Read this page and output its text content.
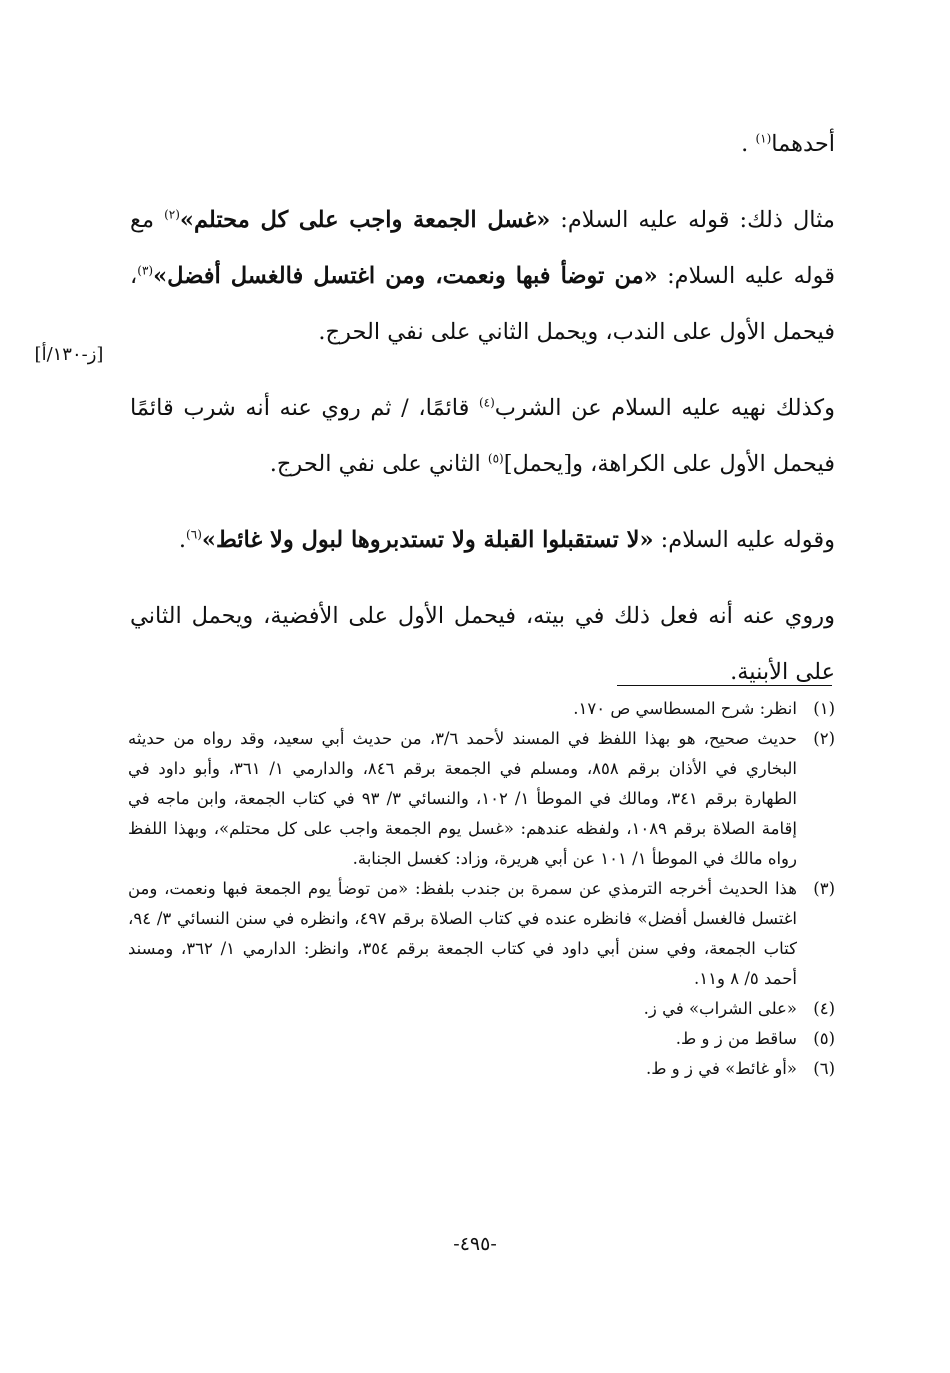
أحدهما$^{(١)}$ .

مثال ذلك: قوله عليه السلام: «غسل الجمعة واجب على كل محتلم»$^{(٢)}$ مع قوله عليه السلام: «من توضأ فبها ونعمت، ومن اغتسل فالغسل أفضل»$^{(٣)}$، فيحمل الأول على الندب، ويحمل الثاني على نفي الحرج.

وكذلك نهيه عليه السلام عن الشرب$^{(٤)}$ قائمًا، / ثم روي عنه أنه شرب قائمًا فيحمل الأول على الكراهة، و[يحمل]$^{(٥)}$ الثاني على نفي الحرج.

وقوله عليه السلام: «لا تستقبلوا القبلة ولا تستدبروها لبول ولا غائط»$^{(٦)}$.

وروي عنه أنه فعل ذلك في بيته، فيحمل الأول على الأفضية، ويحمل الثاني على الأبنية.

[ز-١٣٠/أ]
(١)
انظر: شرح المسطاسي ص ١٧٠.
(٢)
حديث صحيح، هو بهذا اللفظ في المسند لأحمد ٣/٦، من حديث أبي سعيد، وقد رواه من حديثه البخاري في الأذان برقم ٨٥٨، ومسلم في الجمعة برقم ٨٤٦، والدارمي ١/ ٣٦١، وأبو داود في الطهارة برقم ٣٤١، ومالك في الموطأ ١/ ١٠٢، والنسائي ٣/ ٩٣ في كتاب الجمعة، وابن ماجه في إقامة الصلاة برقم ١٠٨٩، ولفظه عندهم: «غسل يوم الجمعة واجب على كل محتلم»، وبهذا اللفظ رواه مالك في الموطأ ١/ ١٠١ عن أبي هريرة، وزاد: كغسل الجنابة.
(٣)
هذا الحديث أخرجه الترمذي عن سمرة بن جندب بلفظ: «من توضأ يوم الجمعة فبها ونعمت، ومن اغتسل فالغسل أفضل» فانظره عنده في كتاب الصلاة برقم ٤٩٧، وانظره في سنن النسائي ٣/ ٩٤، كتاب الجمعة، وفي سنن أبي داود في كتاب الجمعة برقم ٣٥٤، وانظر: الدارمي ١/ ٣٦٢، ومسند أحمد ٥/ ٨ و١١.
(٤)
«على الشراب» في ز.
(٥)
ساقط من ز و ط.
(٦)
«أو غائط» في ز و ط.
-٤٩٥-
